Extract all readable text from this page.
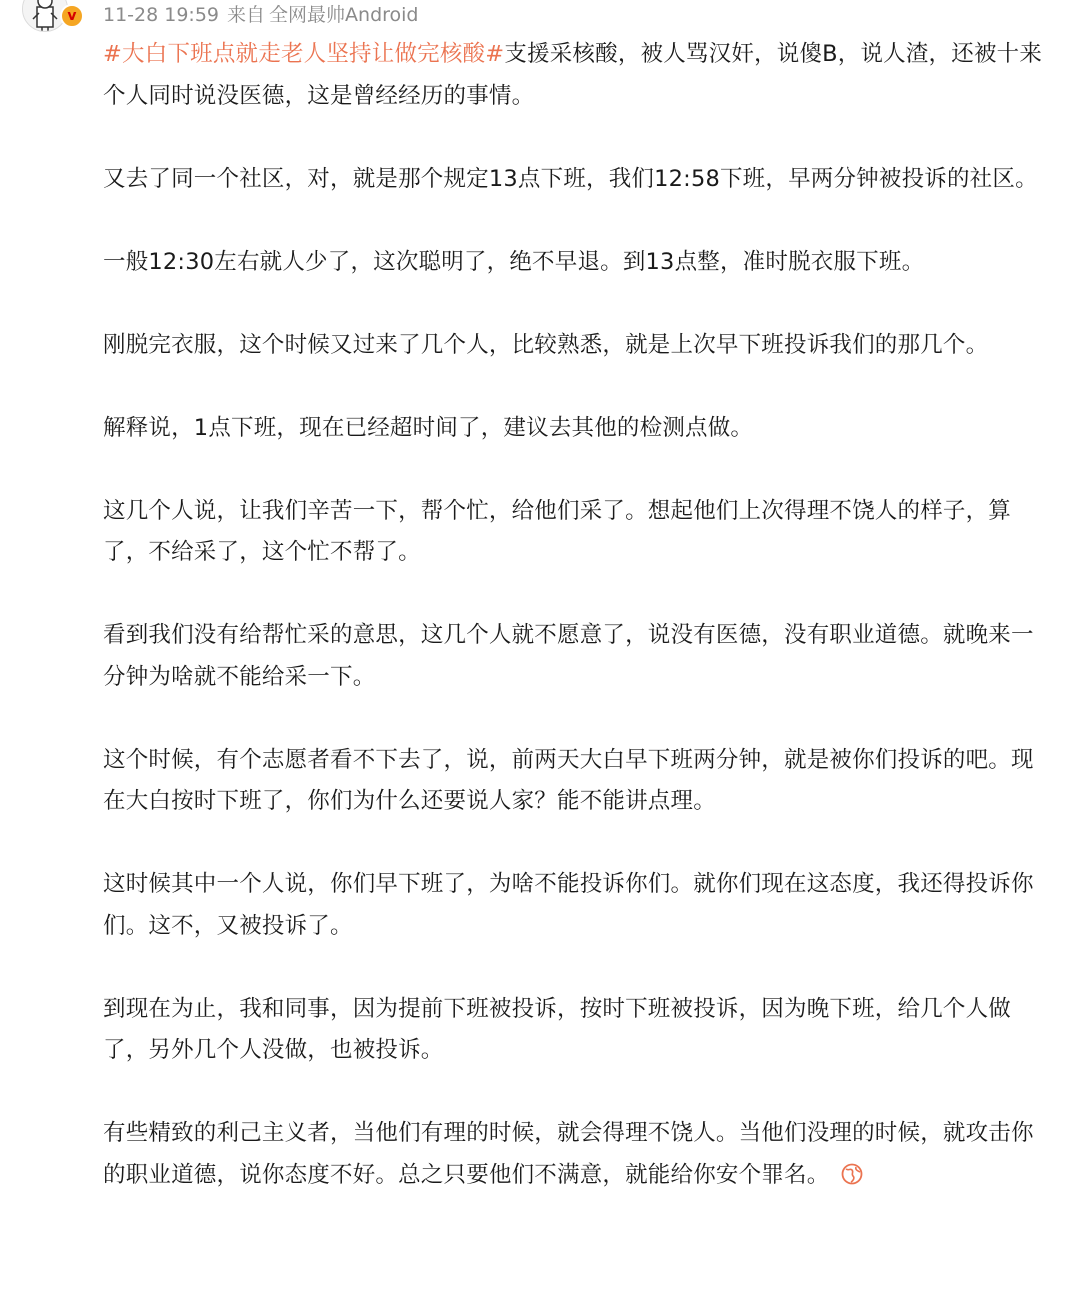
v	11-28 19:59 来自 全网最帅Android

#大白下班点就走老人坚持让做完核酸#支援采核酸，被人骂汉奸，说傻B，说人渣，还被十来个人同时说没医德，这是曾经经历的事情。

又去了同一个社区，对，就是那个规定13点下班，我们12:58下班，早两分钟被投诉的社区。

一般12:30左右就人少了，这次聪明了，绝不早退。到13点整，准时脱衣服下班。

刚脱完衣服，这个时候又过来了几个人，比较熟悉，就是上次早下班投诉我们的那几个。

解释说，1点下班，现在已经超时间了，建议去其他的检测点做。

这几个人说，让我们辛苦一下，帮个忙，给他们采了。想起他们上次得理不饶人的样子，算了，不给采了，这个忙不帮了。

看到我们没有给帮忙采的意思，这几个人就不愿意了，说没有医德，没有职业道德。就晚来一分钟为啥就不能给采一下。

这个时候，有个志愿者看不下去了，说，前两天大白早下班两分钟，就是被你们投诉的吧。现在大白按时下班了，你们为什么还要说人家？能不能讲点理。

这时候其中一个人说，你们早下班了，为啥不能投诉你们。就你们现在这态度，我还得投诉你们。这不，又被投诉了。

到现在为止，我和同事，因为提前下班被投诉，按时下班被投诉，因为晚下班，给几个人做了，另外几个人没做，也被投诉。

有些精致的利己主义者，当他们有理的时候，就会得理不饶人。当他们没理的时候，就攻击你的职业道德，说你态度不好。总之只要他们不满意，就能给你安个罪名。
